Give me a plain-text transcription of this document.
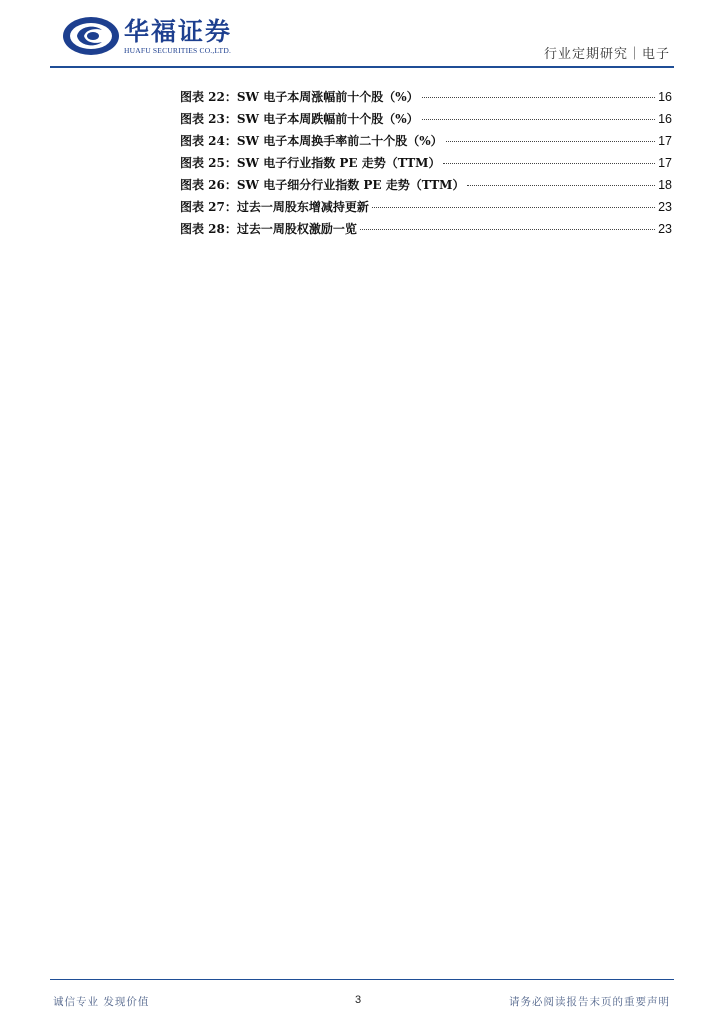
华福证券
HUAFU SECURITIES CO.,LTD.	行业定期研究｜电子
图表 22：SW 电子本周涨幅前十个股（%）	16
图表 23：SW 电子本周跌幅前十个股（%）	16
图表 24：SW 电子本周换手率前二十个股（%）	17
图表 25：SW 电子行业指数 PE 走势（TTM）	17
图表 26：SW 电子细分行业指数 PE 走势（TTM）	18
图表 27：过去一周股东增减持更新	23
图表 28：过去一周股权激励一览	23
诚信专业 发现价值	3	请务必阅读报告末页的重要声明
